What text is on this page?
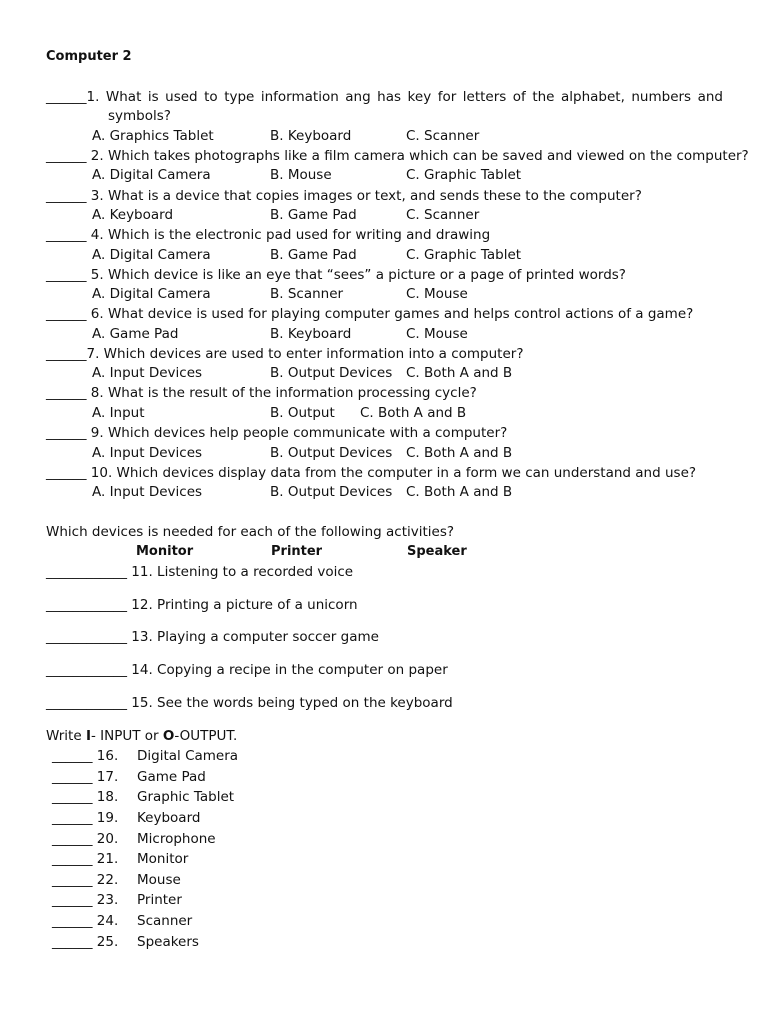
Computer 2
______1. What is used to type information ang has key for letters of the alphabet, numbers and
symbols?
A. Graphics Tablet	B. Keyboard	C. Scanner
______ 2. Which takes photographs like a film camera which can be saved and viewed on the computer?
A. Digital Camera	B. Mouse	C. Graphic Tablet
______ 3. What is a device that copies images or text, and sends these to the computer?
A. Keyboard	B. Game Pad	C. Scanner
______ 4. Which is the electronic pad used for writing and drawing
A. Digital Camera	B. Game Pad	C. Graphic Tablet
______ 5. Which device is like an eye that “sees” a picture or a page of printed words?
A. Digital Camera	B. Scanner	C. Mouse
______ 6. What device is used for playing computer games and helps control actions of a game?
A. Game Pad	B. Keyboard	C. Mouse
______7. Which devices are used to enter information into a computer?
A. Input Devices	B. Output Devices C. Both A and B
______ 8. What is the result of the information processing cycle?
A. Input	B. Output C. Both A and B
______ 9. Which devices help people communicate with a computer?
A. Input Devices	B. Output Devices C. Both A and B
______ 10. Which devices display data from the computer in a form we can understand and use?
A. Input Devices	B. Output Devices C. Both A and B
Which devices is needed for each of the following activities?
Monitor	Printer	Speaker
____________ 11. Listening to a recorded voice
____________ 12. Printing a picture of a unicorn
____________ 13. Playing a computer soccer game
____________ 14. Copying a recipe in the computer on paper
____________ 15. See the words being typed on the keyboard
Write I- INPUT or O-OUTPUT.
______ 16. Digital Camera
______ 17. Game Pad
______ 18. Graphic Tablet
______ 19. Keyboard
______ 20. Microphone
______ 21. Monitor
______ 22. Mouse
______ 23. Printer
______ 24. Scanner
______ 25. Speakers
